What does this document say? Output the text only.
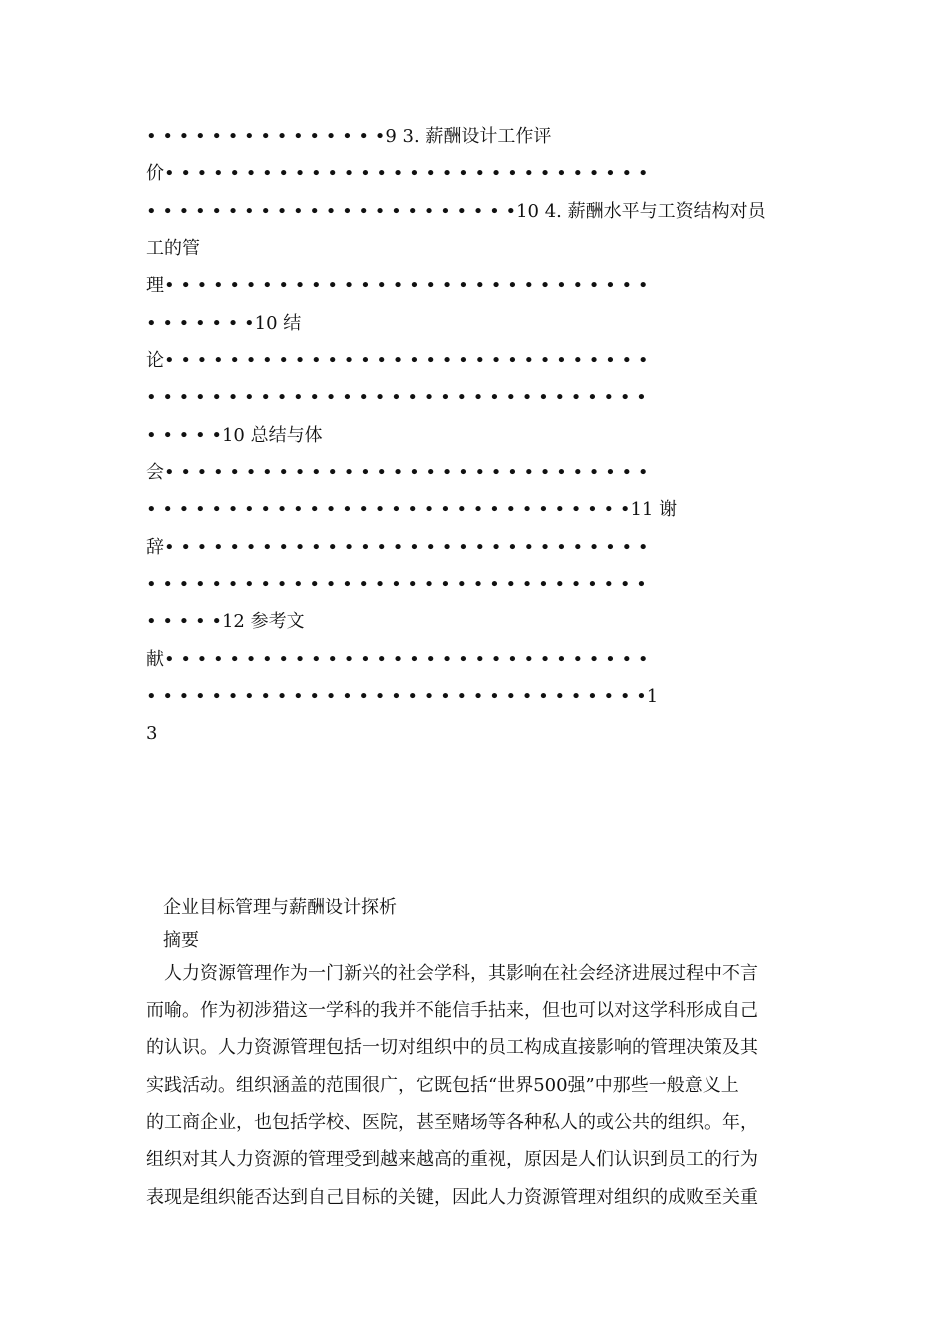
• • • • • • • • • • • • • • •9 3. 薪酬设计工作评
价• • • • • • • • • • • • • • • • • • • • • • • • • • • • • •
• • • • • • • • • • • • • • • • • • • • • • •10 4. 薪酬水平与工资结构对员
工的管
理• • • • • • • • • • • • • • • • • • • • • • • • • • • • • •
• • • • • • •10 结
论• • • • • • • • • • • • • • • • • • • • • • • • • • • • • •
• • • • • • • • • • • • • • • • • • • • • • • • • • • • • • •
• • • • •10 总结与体
会• • • • • • • • • • • • • • • • • • • • • • • • • • • • • •
• • • • • • • • • • • • • • • • • • • • • • • • • • • • • •11 谢
辞• • • • • • • • • • • • • • • • • • • • • • • • • • • • • •
• • • • • • • • • • • • • • • • • • • • • • • • • • • • • • •
• • • • •12 参考文
献• • • • • • • • • • • • • • • • • • • • • • • • • • • • • •
• • • • • • • • • • • • • • • • • • • • • • • • • • • • • • •1
3
企业目标管理与薪酬设计探析
摘要
　人力资源管理作为一门新兴的社会学科，其影响在社会经济进展过程中不言
而喻。作为初涉猎这一学科的我并不能信手拈来，但也可以对这学科形成自己
的认识。人力资源管理包括一切对组织中的员工构成直接影响的管理决策及其
实践活动。组织涵盖的范围很广，它既包括“世界500强”中那些一般意义上
的工商企业，也包括学校、医院，甚至赌场等各种私人的或公共的组织。年，
组织对其人力资源的管理受到越来越高的重视，原因是人们认识到员工的行为
表现是组织能否达到自己目标的关键，因此人力资源管理对组织的成败至关重
